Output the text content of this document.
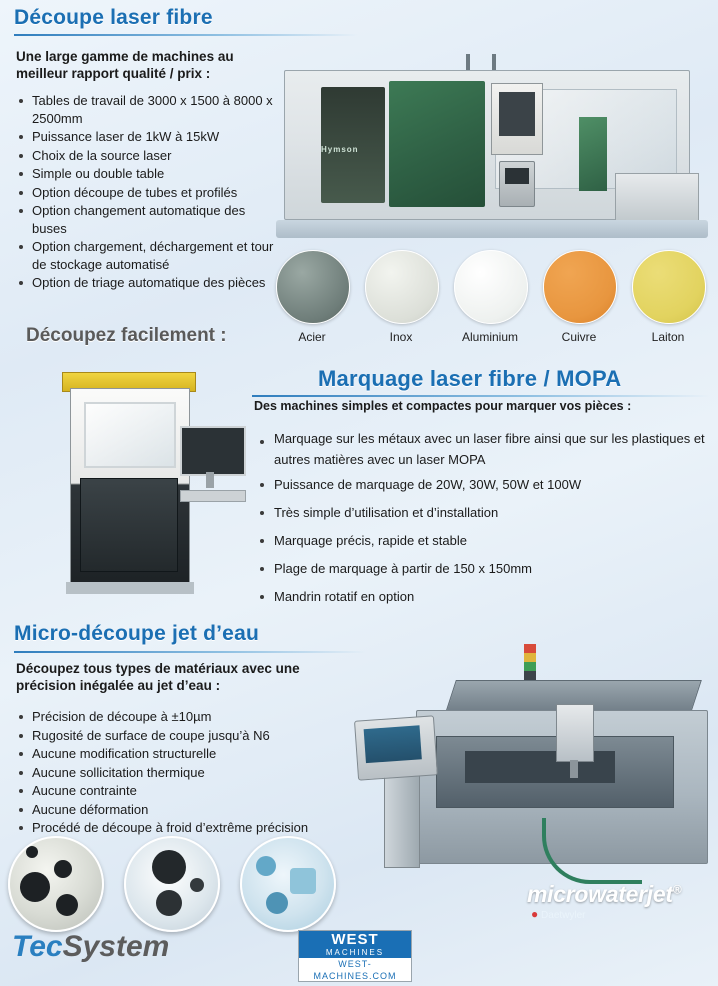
Découpe laser fibre
Une large gamme de machines au meilleur rapport qualité / prix :
Tables de travail de 3000 x 1500 à 8000 x 2500mm
Puissance laser de 1kW à 15kW
Choix de la source laser
Simple ou double table
Option découpe de tubes et profilés
Option changement automatique des buses
Option chargement, déchargement et tour de stockage automatisé
Option de triage automatique des pièces
Hymson
Acier	Inox	Aluminium	Cuivre	Laiton
Découpez facilement :
Marquage laser fibre / MOPA
Des machines simples et compactes pour marquer vos pièces :
Marquage sur les métaux avec un laser fibre ainsi que sur les plastiques et autres matières avec un laser MOPA
Puissance de marquage de 20W, 30W, 50W et 100W
Très simple d’utilisation et d’installation
Marquage précis, rapide et stable
Plage de marquage à partir de 150 x 150mm
Mandrin rotatif en option
Micro-découpe jet d’eau
Découpez tous types de matériaux avec une précision inégalée au jet d’eau :
Précision de découpe à ±10µm
Rugosité de surface de coupe jusqu’à N6
Aucune modification structurelle
Aucune sollicitation thermique
Aucune contrainte
Aucune déformation
Procédé de découpe à froid d’extrême précision
microwaterjet®
● Daetwyler
TecSystem	WEST
MACHINES
WEST-MACHINES.COM
